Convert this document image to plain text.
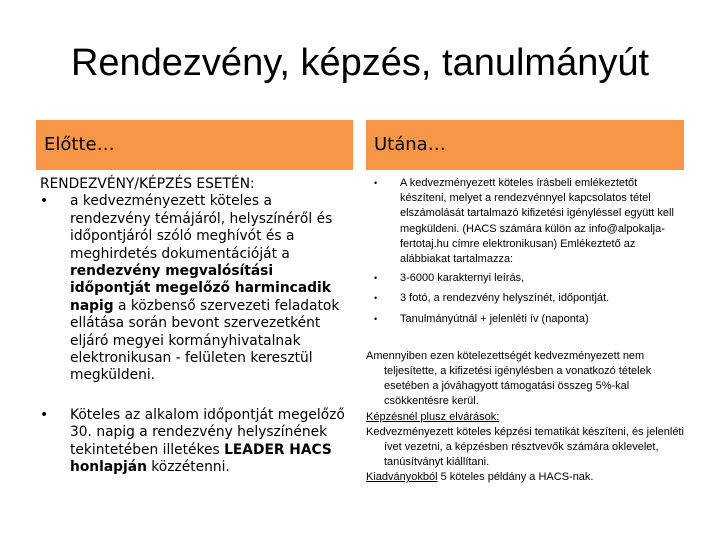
Rendezvény, képzés, tanulmányút
Előtte…	Utána…
RENDEZVÉNY/KÉPZÉS ESETÉN:
• a kedvezményezett köteles a rendezvény témájáról, helyszínéről és időpontjáról szóló meghívót és a meghirdetés dokumentációját a rendezvény megvalósítási időpontját megelőző harmincadik napig a közbenső szervezeti feladatok ellátása során bevont szervezetként eljáró megyei kormányhivatalnak elektronikusan - felületen keresztül megküldeni.
• Köteles az alkalom időpontját megelőző 30. napig a rendezvény helyszínének tekintetében illetékes LEADER HACS honlapján közzétenni.
• A kedvezményezett köteles írásbeli emlékeztetőt készíteni, melyet a rendezvénnyel kapcsolatos tétel elszámolását tartalmazó kifizetési igényléssel együtt kell megküldeni. (HACS számára külön az info@alpokalja-fertotaj.hu címre elektronikusan) Emlékeztető az alábbiakat tartalmazza:
• 3-6000 karakternyi leírás,
• 3 fotó, a rendezvény helyszínét, időpontját.
• Tanulmányútnál + jelenléti ív (naponta)
Amennyiben ezen kötelezettségét kedvezményezett nem teljesítette, a kifizetési igénylésben a vonatkozó tételek esetében a jóváhagyott támogatási összeg 5%-kal csökkentésre kerül.
Képzésnél plusz elvárások:
Kedvezményezett köteles képzési tematikát készíteni, és jelenléti ívet vezetni, a képzésben résztvevők számára oklevelet, tanúsítványt kiállítani.
Kiadványokból 5 köteles példány a HACS-nak.
